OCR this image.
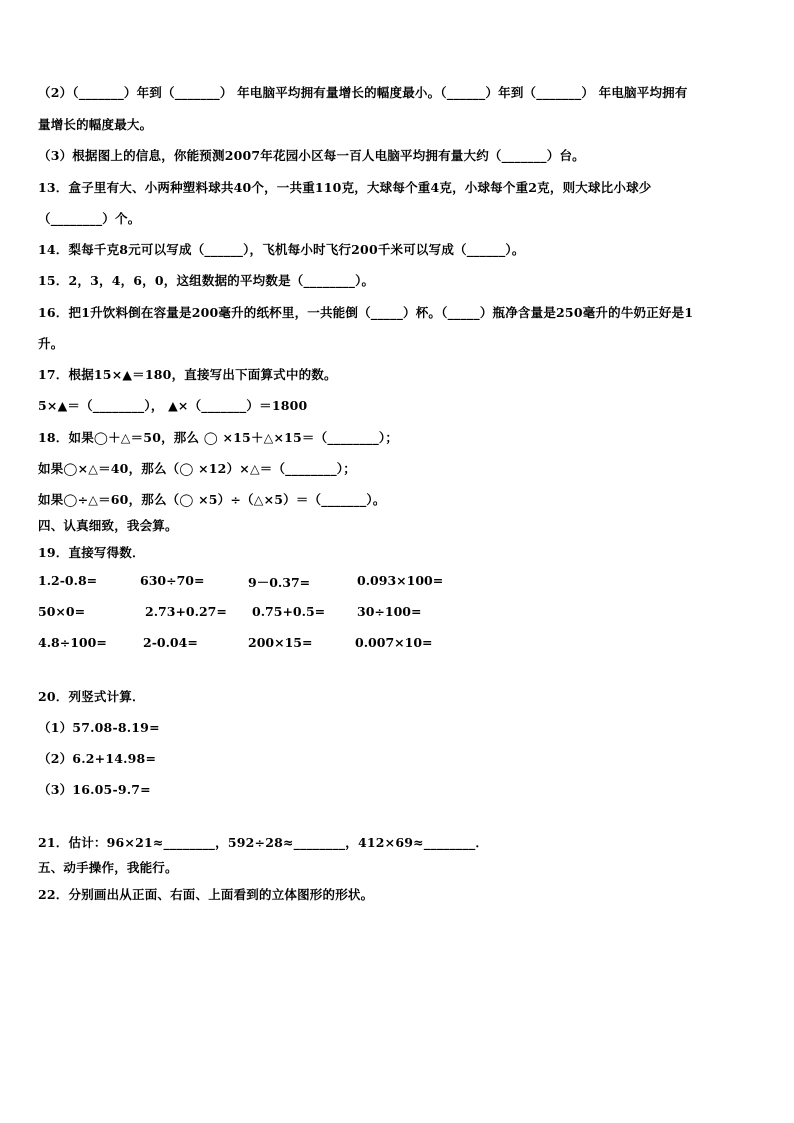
（2）（_______）年到（_______） 年电脑平均拥有量增长的幅度最小。（______）年到（_______） 年电脑平均拥有
量增长的幅度最大。
（3）根据图上的信息，你能预测2007年花园小区每一百人电脑平均拥有量大约（_______）台。
13．盒子里有大、小两种塑料球共40个，一共重110克，大球每个重4克，小球每个重2克，则大球比小球少
（________）个。
14．梨每千克8元可以写成（______），飞机每小时飞行200千米可以写成（______）。
15．2，3，4，6，0，这组数据的平均数是（________）。
16．把1升饮料倒在容量是200毫升的纸杯里，一共能倒（_____）杯。（_____）瓶净含量是250毫升的牛奶正好是1
升。
17．根据15×▲＝180，直接写出下面算式中的数。
5×▲＝（________）， ▲×（_______）＝1800
18．如果◯＋△＝50，那么 ◯ ×15＋△×15＝（________）；
如果◯×△＝40，那么（◯ ×12）×△＝（________）；
如果◯÷△＝60，那么（◯ ×5）÷（△×5）＝（_______）。
四、认真细致，我会算。
19．直接写得数．
1.2-0.8=	630÷70=	9－0.37=	0.093×100=
50×0=	2.73+0.27= 0.75+0.5=	30÷100=
4.8÷100=	2-0.04=	200×15=	0.007×10=
20．列竖式计算．
（1）57.08-8.19=
（2）6.2+14.98=
（3）16.05-9.7=
21．估计：96×21≈________，592÷28≈________，412×69≈________．
五、动手操作，我能行。
22．分别画出从正面、右面、上面看到的立体图形的形状。
